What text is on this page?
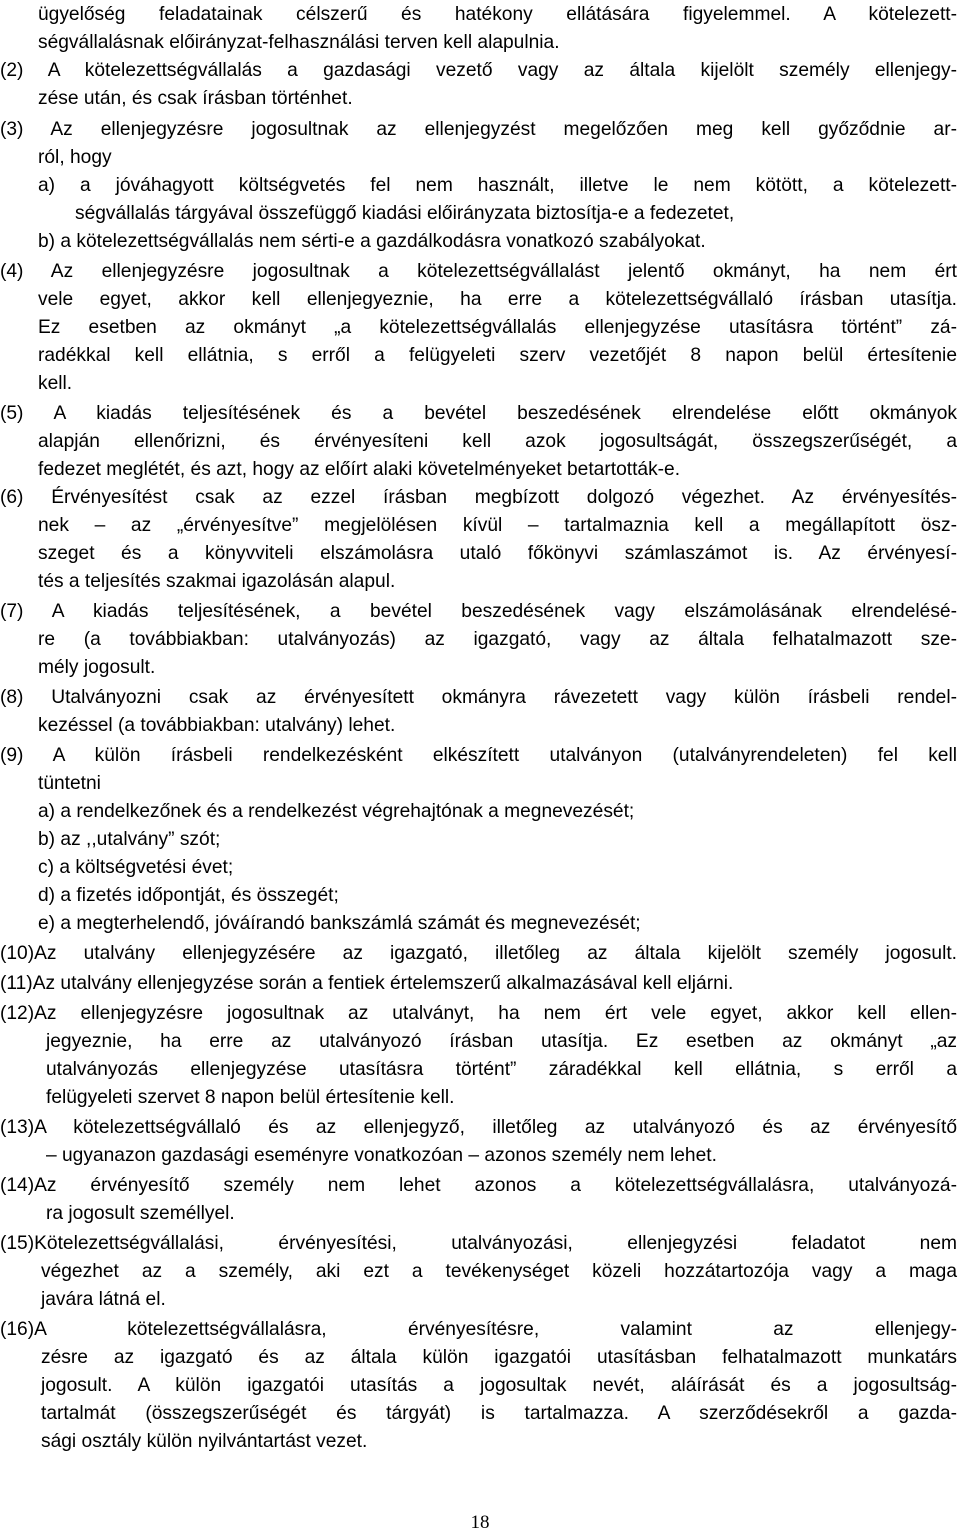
ügyelőség feladatainak célszerű és hatékony ellátására figyelemmel. A kötelezett-
ségvállalásnak előirányzat-felhasználási terven kell alapulnia.
(2) A kötelezettségvállalás a gazdasági vezető vagy az általa kijelölt személy ellenjegy-
zése után, és csak írásban történhet.
(3) Az ellenjegyzésre jogosultnak az ellenjegyzést megelőzően meg kell győződnie ar-
ról, hogy
a) a jóváhagyott költségvetés fel nem használt, illetve le nem kötött, a kötelezett-
ségvállalás tárgyával összefüggő kiadási előirányzata biztosítja-e a fedezetet,
b) a kötelezettségvállalás nem sérti-e a gazdálkodásra vonatkozó szabályokat.
(4) Az ellenjegyzésre jogosultnak a kötelezettségvállalást jelentő okmányt, ha nem ért
vele egyet, akkor kell ellenjegyeznie, ha erre a kötelezettségvállaló írásban utasítja.
Ez esetben az okmányt „a kötelezettségvállalás ellenjegyzése utasításra történt” zá-
radékkal kell ellátnia, s erről a felügyeleti szerv vezetőjét 8 napon belül értesítenie
kell.
(5) A kiadás teljesítésének és a bevétel beszedésének elrendelése előtt okmányok
alapján ellenőrizni, és érvényesíteni kell azok jogosultságát, összegszerűségét, a
fedezet meglétét, és azt, hogy az előírt alaki követelményeket betartották-e.
(6) Érvényesítést csak az ezzel írásban megbízott dolgozó végezhet. Az érvényesítés-
nek – az „érvényesítve” megjelölésen kívül – tartalmaznia kell a megállapított ösz-
szeget és a könyvviteli elszámolásra utaló főkönyvi számlaszámot is. Az érvényesí-
tés a teljesítés szakmai igazolásán alapul.
(7) A kiadás teljesítésének, a bevétel beszedésének vagy elszámolásának elrendelésé-
re (a továbbiakban: utalványozás) az igazgató, vagy az általa felhatalmazott sze-
mély jogosult.
(8) Utalványozni csak az érvényesített okmányra rávezetett vagy külön írásbeli rendel-
kezéssel (a továbbiakban: utalvány) lehet.
(9) A külön írásbeli rendelkezésként elkészített utalványon (utalványrendeleten) fel kell
tüntetni
a) a rendelkezőnek és a rendelkezést végrehajtónak a megnevezését;
b) az ,,utalvány” szót;
c) a költségvetési évet;
d) a fizetés időpontját, és összegét;
e) a megterhelendő, jóváírandó bankszámlá számát és megnevezését;
(10)Az utalvány ellenjegyzésére az igazgató, illetőleg az általa kijelölt személy jogosult.
(11)Az utalvány ellenjegyzése során a fentiek értelemszerű alkalmazásával kell eljárni.
(12)Az ellenjegyzésre jogosultnak az utalványt, ha nem ért vele egyet, akkor kell ellen-
jegyeznie, ha erre az utalványozó írásban utasítja. Ez esetben az okmányt „az
utalványozás ellenjegyzése utasításra történt” záradékkal kell ellátnia, s erről a
felügyeleti szervet 8 napon belül értesítenie kell.
(13)A kötelezettségvállaló és az ellenjegyző, illetőleg az utalványozó és az érvényesítő
– ugyanazon gazdasági eseményre vonatkozóan – azonos személy nem lehet.
(14)Az érvényesítő személy nem lehet azonos a kötelezettségvállalásra, utalványozá-
ra jogosult személlyel.
(15)Kötelezettségvállalási, érvényesítési, utalványozási, ellenjegyzési feladatot nem
végezhet az a személy, aki ezt a tevékenységet közeli hozzátartozója vagy a maga
javára látná el.
(16)A kötelezettségvállalásra, érvényesítésre, valamint az ellenjegy-
zésre az igazgató és az általa külön igazgatói utasításban felhatalmazott munkatárs
jogosult. A külön igazgatói utasítás a jogosultak nevét, aláírását és a jogosultság-
tartalmát (összegszerűségét és tárgyát) is tartalmazza. A szerződésekről a gazda-
sági osztály külön nyilvántartást vezet.
18
